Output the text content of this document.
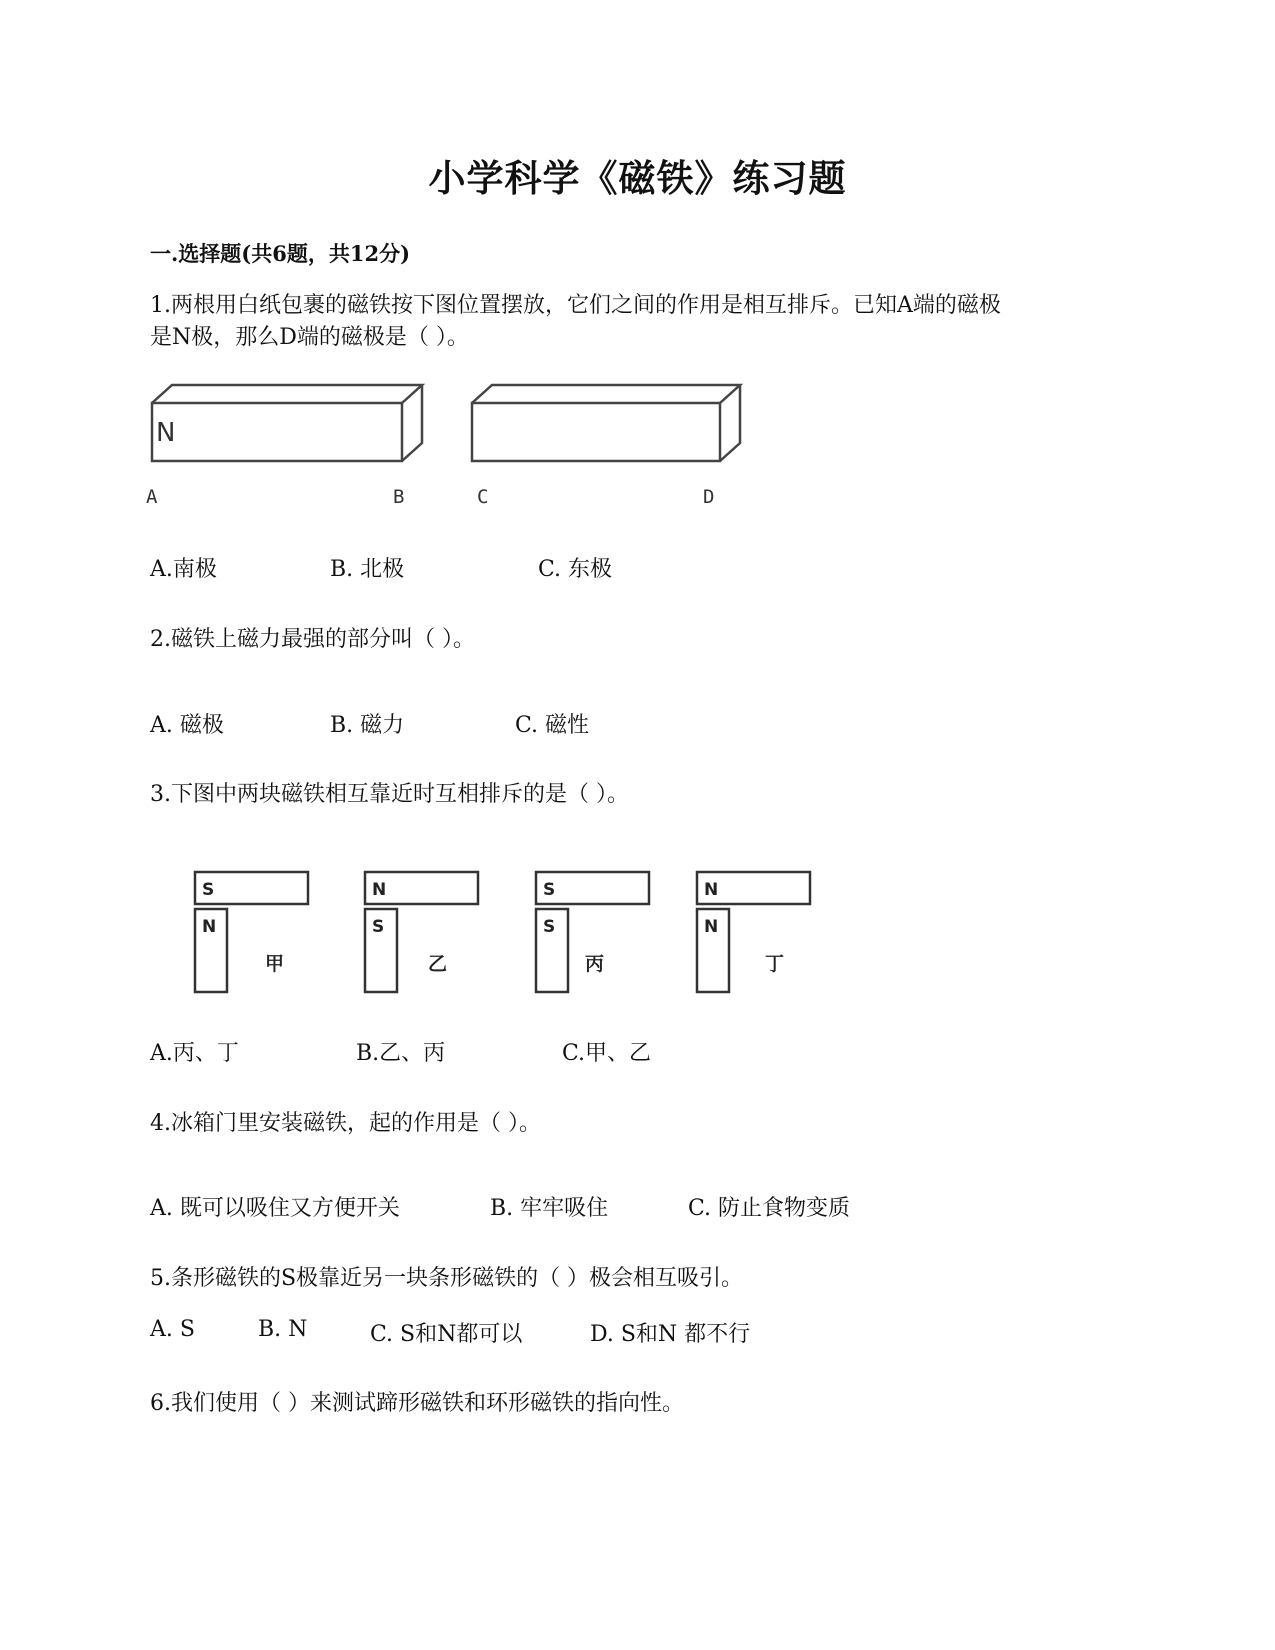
小学科学《磁铁》练习题
一.选择题(共6题，共12分)
1.两根用白纸包裹的磁铁按下图位置摆放，它们之间的作用是相互排斥。已知A端的磁极
是N极，那么D端的磁极是（ ）。
N
A	B	C	D
A.南极	B. 北极	C. 东极
2.磁铁上磁力最强的部分叫（ ）。
A. 磁极	B. 磁力	C. 磁性
3.下图中两块磁铁相互靠近时互相排斥的是（ ）。
S
N
N
S
S
S
N
N
甲	乙	丙	丁
A.丙、丁	B.乙、丙	C.甲、乙
4.冰箱门里安装磁铁，起的作用是（ ）。
A. 既可以吸住又方便开关	B. 牢牢吸住	C. 防止食物变质
5.条形磁铁的S极靠近另一块条形磁铁的（ ）极会相互吸引。
A. S	B. N	C. S和N都可以	D. S和N 都不行
6.我们使用（ ）来测试蹄形磁铁和环形磁铁的指向性。
